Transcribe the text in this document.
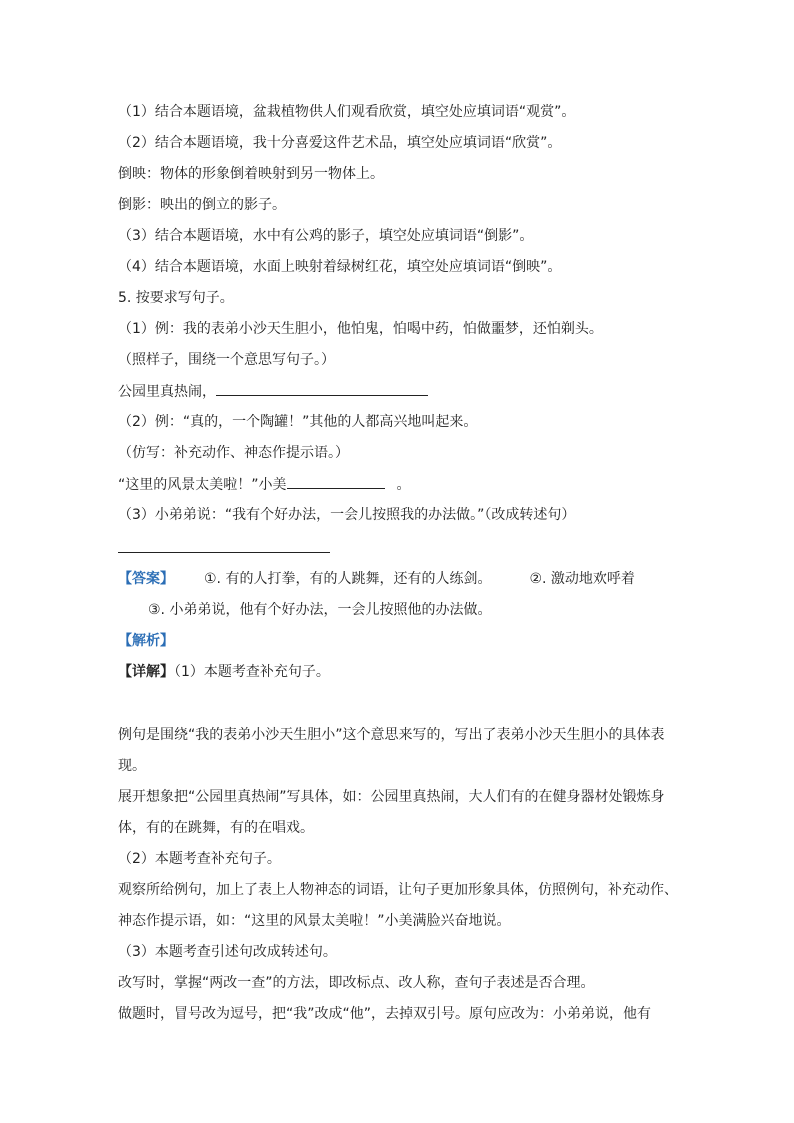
（1）结合本题语境，盆栽植物供人们观看欣赏，填空处应填词语“观赏”。
（2）结合本题语境，我十分喜爱这件艺术品，填空处应填词语“欣赏”。
倒映：物体的形象倒着映射到另一物体上。
倒影：映出的倒立的影子。
（3）结合本题语境，水中有公鸡的影子，填空处应填词语“倒影”。
（4）结合本题语境，水面上映射着绿树红花，填空处应填词语“倒映”。
5. 按要求写句子。
（1）例：我的表弟小沙天生胆小，他怕鬼，怕喝中药，怕做噩梦，还怕剃头。
（照样子，围绕一个意思写句子。）
公园里真热闹，
（2）例：“真的，一个陶罐！”其他的人都高兴地叫起来。
（仿写：补充动作、神态作提示语。）
“这里的风景太美啦！”小美	。
（3）小弟弟说：“我有个好办法，一会儿按照我的办法做。”（改成转述句）
【答案】 ①. 有的人打拳，有的人跳舞，还有的人练剑。	②. 激动地欢呼着
③. 小弟弟说，他有个好办法，一会儿按照他的办法做。
【解析】
【详解】（1）本题考查补充句子。
例句是围绕“我的表弟小沙天生胆小”这个意思来写的，写出了表弟小沙天生胆小的具体表
现。
展开想象把“公园里真热闹”写具体，如：公园里真热闹，大人们有的在健身器材处锻炼身
体，有的在跳舞，有的在唱戏。
（2）本题考查补充句子。
观察所给例句，加上了表上人物神态的词语，让句子更加形象具体，仿照例句，补充动作、
神态作提示语，如：“这里的风景太美啦！”小美满脸兴奋地说。
（3）本题考查引述句改成转述句。
改写时，掌握“两改一查”的方法，即改标点、改人称，查句子表述是否合理。
做题时，冒号改为逗号，把“我”改成“他”，去掉双引号。原句应改为：小弟弟说，他有
